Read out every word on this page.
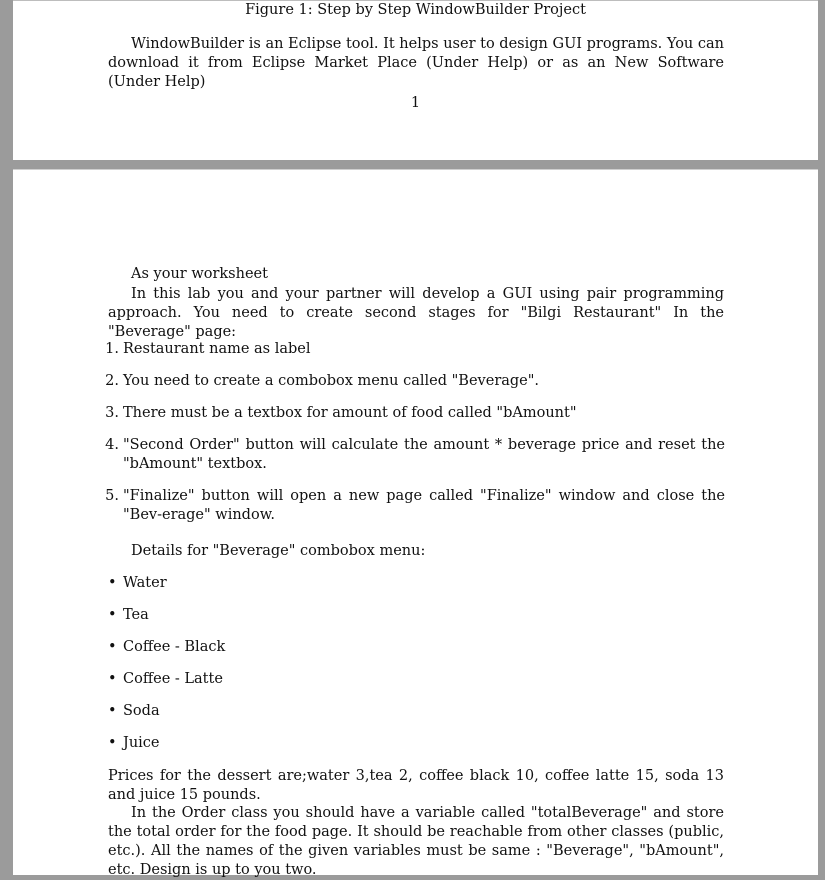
Figure 1: Step by Step WindowBuilder Project
WindowBuilder is an Eclipse tool. It helps user to design GUI programs. You can download it from Eclipse Market Place (Under Help) or as an New Software (Under Help)
1
As your worksheet
In this lab you and your partner will develop a GUI using pair programming approach. You need to create second stages for "Bilgi Restaurant" In the "Beverage" page:
1. Restaurant name as label
2. You need to create a combobox menu called "Beverage".
3. There must be a textbox for amount of food called "bAmount"
4. "Second Order" button will calculate the amount * beverage price and reset the "bAmount" textbox.
5. "Finalize" button will open a new page called "Finalize" window and close the "Bev-erage" window.
Details for "Beverage" combobox menu:
• Water
• Tea
• Coffee - Black
• Coffee - Latte
• Soda
• Juice
Prices for the dessert are;water 3,tea 2, coffee black 10, coffee latte 15, soda 13 and juice 15 pounds.
In the Order class you should have a variable called "totalBeverage" and store the total order for the food page. It should be reachable from other classes (public, etc.). All the names of the given variables must be same : "Beverage", "bAmount", etc. Design is up to you two.
